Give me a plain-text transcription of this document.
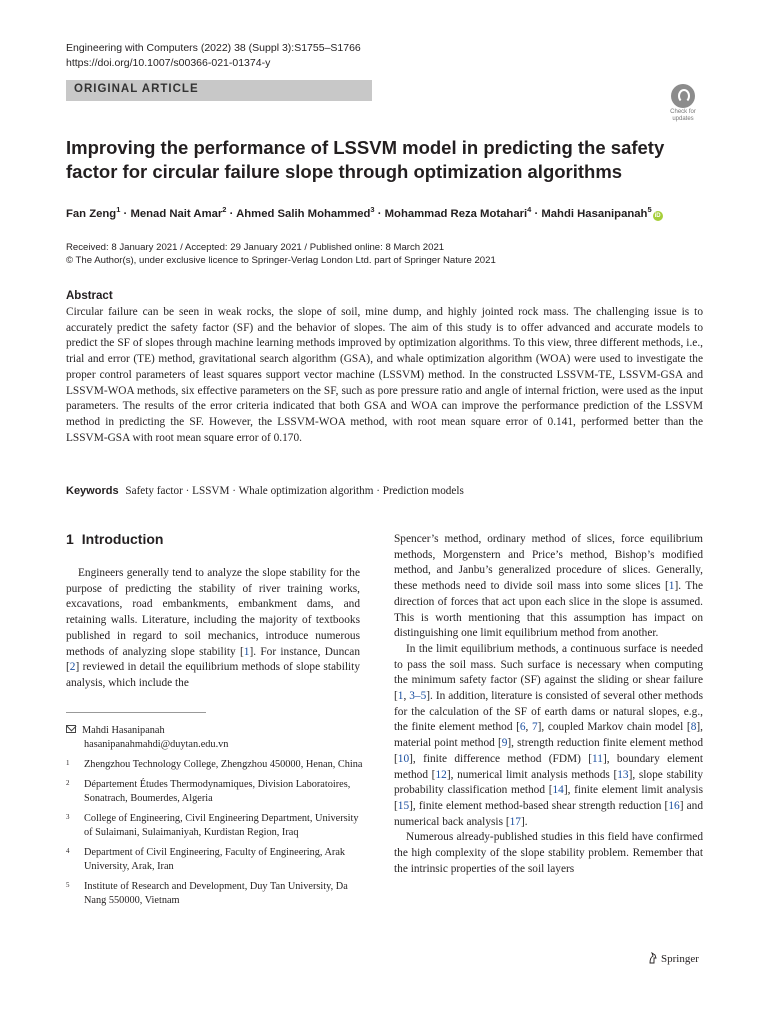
Engineering with Computers (2022) 38 (Suppl 3):S1755–S1766
https://doi.org/10.1007/s00366-021-01374-y
ORIGINAL ARTICLE
Check for
updates
Improving the performance of LSSVM model in predicting the safety factor for circular failure slope through optimization algorithms
Fan Zeng$^1$ · Menad Nait Amar$^2$ · Ahmed Salih Mohammed$^3$ · Mohammad Reza Motahari$^4$ · Mahdi Hasanipanah$^5$iD
Received: 8 January 2021 / Accepted: 29 January 2021 / Published online: 8 March 2021
© The Author(s), under exclusive licence to Springer-Verlag London Ltd. part of Springer Nature 2021
Abstract

Circular failure can be seen in weak rocks, the slope of soil, mine dump, and highly jointed rock mass. The challenging issue is to accurately predict the safety factor (SF) and the behavior of slopes. The aim of this study is to offer advanced and accurate models to predict the SF of slopes through machine learning methods improved by optimization algorithms. To this view, three different methods, i.e., trial and error (TE) method, gravitational search algorithm (GSA), and whale optimization algorithm (WOA) were used to investigate the proper control parameters of least squares support vector machine (LSSVM) method. In the constructed LSSVM-TE, LSSVM-GSA and LSSVM-WOA methods, six effective parameters on the SF, such as pore pressure ratio and angle of internal friction, were used as the input parameters. The results of the error criteria indicated that both GSA and WOA can improve the performance prediction of the LSSVM method in predicting the SF. However, the LSSVM-WOA method, with root mean square error of 0.141, performed better than the LSSVM-GSA with root mean square error of 0.170.

Keywords Safety factor · LSSVM · Whale optimization algorithm · Prediction models
1 Introduction

Engineers generally tend to analyze the slope stability for the purpose of predicting the stability of river training works, excavations, road embankments, embankment dams, and retaining walls. Literature, including the majority of textbooks published in regard to soil mechanics, introduce numerous methods of analyzing slope stability [1]. For instance, Duncan [2] reviewed in detail the equilibrium methods of slope stability analysis, which include the

Mahdi Hasanipanah
hasanipanahmahdi@duytan.edu.vn
1 Zhengzhou Technology College, Zhengzhou 450000, Henan, China
2 Département Études Thermodynamiques, Division Laboratoires, Sonatrach, Boumerdes, Algeria
3 College of Engineering, Civil Engineering Department, University of Sulaimani, Sulaimaniyah, Kurdistan Region, Iraq
4 Department of Civil Engineering, Faculty of Engineering, Arak University, Arak, Iran
5 Institute of Research and Development, Duy Tan University, Da Nang 550000, Vietnam

Spencer’s method, ordinary method of slices, force equilibrium methods, Morgenstern and Price’s method, Bishop’s modified method, and Janbu’s generalized procedure of slices. Generally, these methods need to divide soil mass into some slices [1]. The direction of forces that act upon each slice in the slope is assumed. This is worth mentioning that this assumption has impact on distinguishing one limit equilibrium method from another.

In the limit equilibrium methods, a continuous surface is needed to pass the soil mass. Such surface is necessary when computing the minimum safety factor (SF) against the sliding or shear failure [1, 3–5]. In addition, literature is consisted of several other methods for the calculation of the SF of earth dams or natural slopes, e.g., the finite element method [6, 7], coupled Markov chain model [8], material point method [9], strength reduction finite element method [10], finite difference method (FDM) [11], boundary element method [12], numerical limit analysis methods [13], slope stability probability classification method [14], finite element limit analysis [15], finite element method-based shear strength reduction [16] and numerical back analysis [17].

Numerous already-published studies in this field have confirmed the high complexity of the slope stability problem. Remember that the intrinsic properties of the soil layers

Springer
